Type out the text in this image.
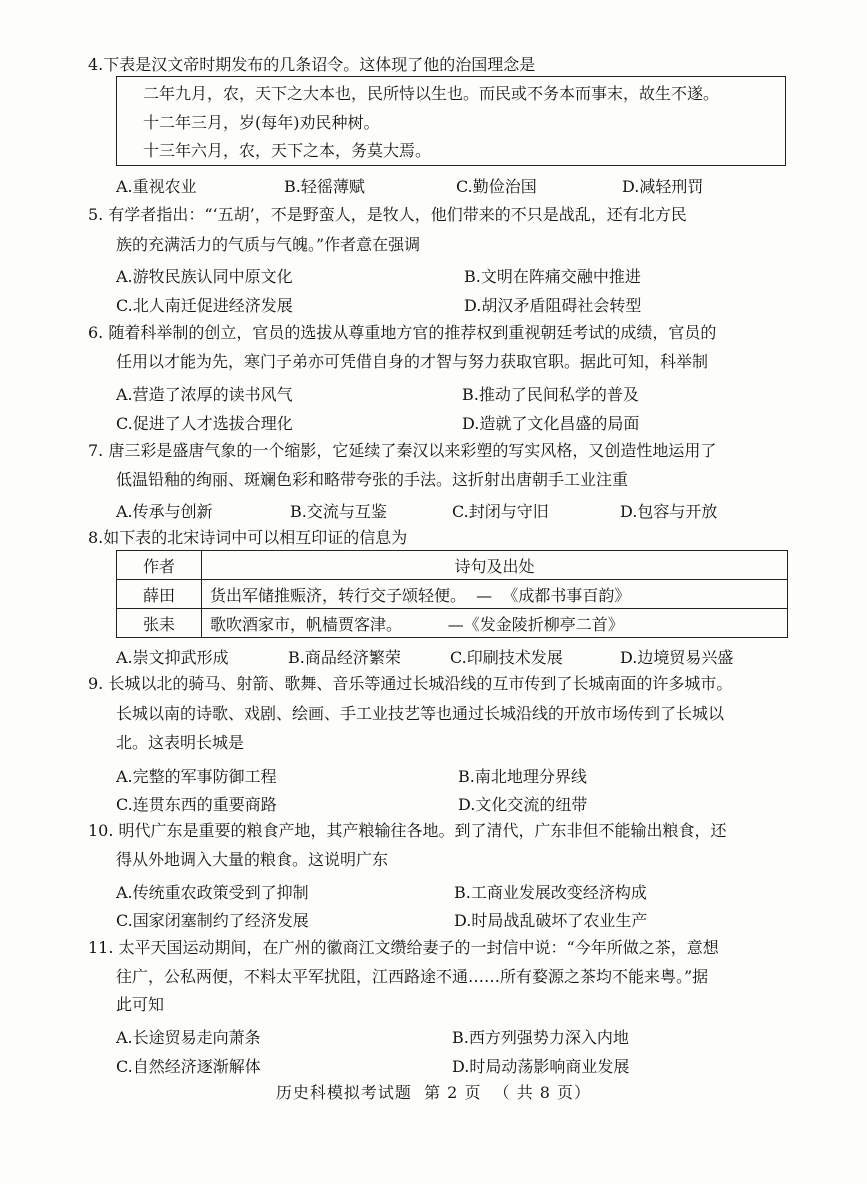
4.下表是汉文帝时期发布的几条诏令。这体现了他的治国理念是
二年九月，农，天下之大本也，民所恃以生也。而民或不务本而事末，故生不遂。
十二年三月，岁(每年)劝民种树。
十三年六月，农，天下之本，务莫大焉。
A.重视农业	B.轻徭薄赋	C.勤俭治国	D.减轻刑罚
5. 有学者指出：“‘五胡’，不是野蛮人，是牧人，他们带来的不只是战乱，还有北方民
族的充满活力的气质与气魄。”作者意在强调
A.游牧民族认同中原文化	B.文明在阵痛交融中推进
C.北人南迁促进经济发展	D.胡汉矛盾阻碍社会转型
6. 随着科举制的创立，官员的选拔从尊重地方官的推荐权到重视朝廷考试的成绩，官员的
任用以才能为先，寒门子弟亦可凭借自身的才智与努力获取官职。据此可知，科举制
A.营造了浓厚的读书风气	B.推动了民间私学的普及
C.促进了人才选拔合理化	D.造就了文化昌盛的局面
7. 唐三彩是盛唐气象的一个缩影，它延续了秦汉以来彩塑的写实风格，又创造性地运用了
低温铅釉的绚丽、斑斓色彩和略带夸张的手法。这折射出唐朝手工业注重
A.传承与创新	B.交流与互鉴	C.封闭与守旧	D.包容与开放
8.如下表的北宋诗词中可以相互印证的信息为
作者	诗句及出处
薛田	货出军储推赈济，转行交子颂轻便。  —  《成都书事百韵》
张耒	歌吹酒家市，帆樯贾客津。         —《发金陵折柳亭二首》
A.崇文抑武形成	B.商品经济繁荣	C.印刷技术发展	D.边境贸易兴盛
9. 长城以北的骑马、射箭、歌舞、音乐等通过长城沿线的互市传到了长城南面的许多城市。
长城以南的诗歌、戏剧、绘画、手工业技艺等也通过长城沿线的开放市场传到了长城以
北。这表明长城是
A.完整的军事防御工程	B.南北地理分界线
C.连贯东西的重要商路	D.文化交流的纽带
10. 明代广东是重要的粮食产地，其产粮输往各地。到了清代，广东非但不能输出粮食，还
得从外地调入大量的粮食。这说明广东
A.传统重农政策受到了抑制	B.工商业发展改变经济构成
C.国家闭塞制约了经济发展	D.时局战乱破坏了农业生产
11. 太平天国运动期间，在广州的徽商江文缵给妻子的一封信中说：“今年所做之茶，意想
往广，公私两便，不料太平军扰阻，江西路途不通……所有婺源之茶均不能来粤。”据
此可知
A.长途贸易走向萧条	B.西方列强势力深入内地
C.自然经济逐渐解体	D.时局动荡影响商业发展
历史科模拟考试题  第 2 页  （ 共 8 页）
